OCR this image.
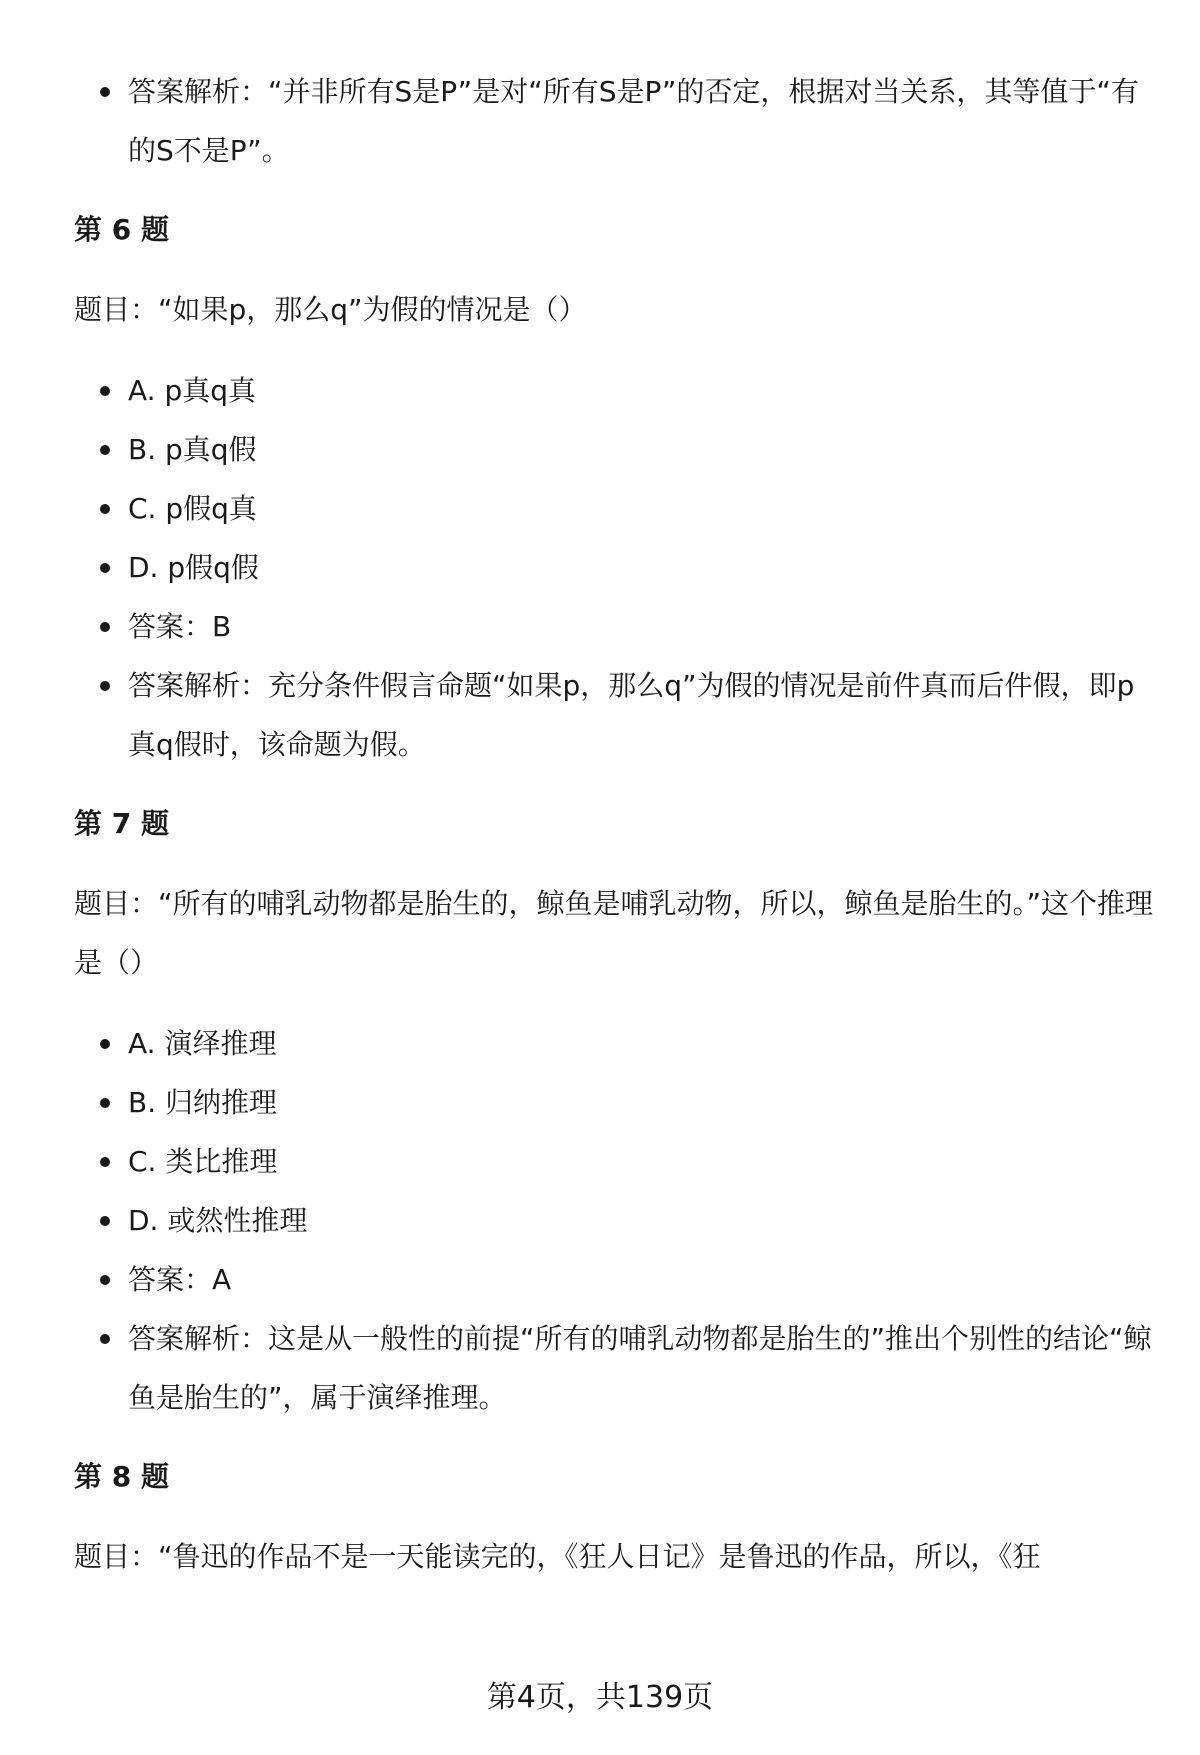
答案解析：“并非所有S是P”是对“所有S是P”的否定，根据对当关系，其等值于“有的S不是P”。

第 6 题

题目：“如果p，那么q”为假的情况是（）

A. p真q真
B. p真q假
C. p假q真
D. p假q假
答案：B
答案解析：充分条件假言命题“如果p，那么q”为假的情况是前件真而后件假，即p真q假时，该命题为假。

第 7 题

题目：“所有的哺乳动物都是胎生的，鲸鱼是哺乳动物，所以，鲸鱼是胎生的。”这个推理是（）

A. 演绎推理
B. 归纳推理
C. 类比推理
D. 或然性推理
答案：A
答案解析：这是从一般性的前提“所有的哺乳动物都是胎生的”推出个别性的结论“鲸鱼是胎生的”，属于演绎推理。

第 8 题

题目：“鲁迅的作品不是一天能读完的，《狂人日记》是鲁迅的作品，所以，《狂

第4页，共139页
